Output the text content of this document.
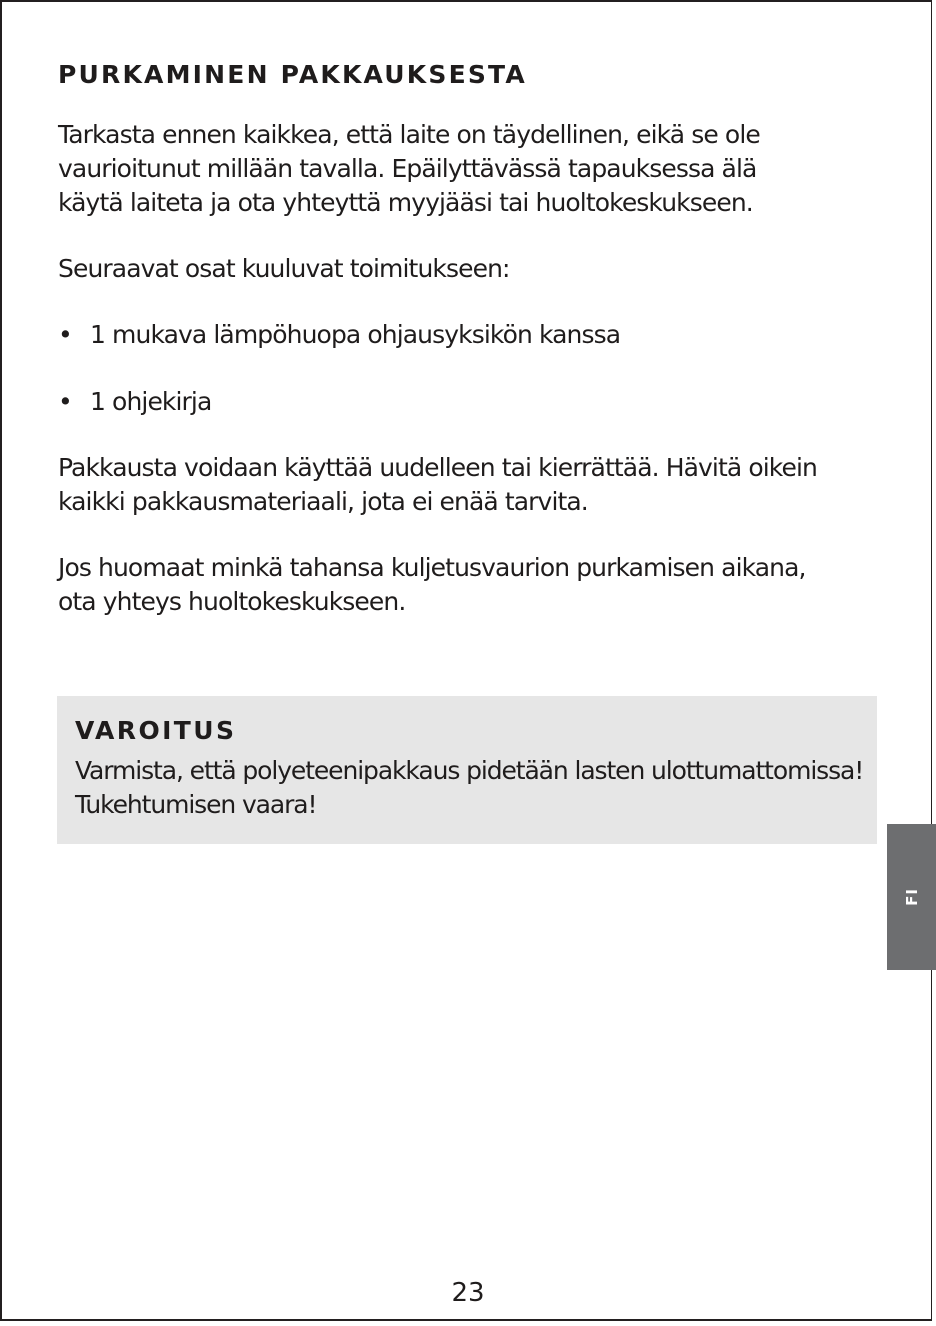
PURKAMINEN PAKKAUKSESTA

Tarkasta ennen kaikkea, että laite on täydellinen, eikä se ole
vaurioitunut millään tavalla. Epäilyttävässä tapauksessa älä
käytä laiteta ja ota yhteyttä myyjääsi tai huoltokeskukseen.

Seuraavat osat kuuluvat toimitukseen:

• 1 mukava lämpöhuopa ohjausyksikön kanssa
• 1 ohjekirja

Pakkausta voidaan käyttää uudelleen tai kierrättää. Hävitä oikein
kaikki pakkausmateriaali, jota ei enää tarvita.

Jos huomaat minkä tahansa kuljetusvaurion purkamisen aikana,
ota yhteys huoltokeskukseen.

VAROITUS

Varmista, että polyeteenipakkaus pidetään lasten ulottumattomissa!
Tukehtumisen vaara!

FI
23
